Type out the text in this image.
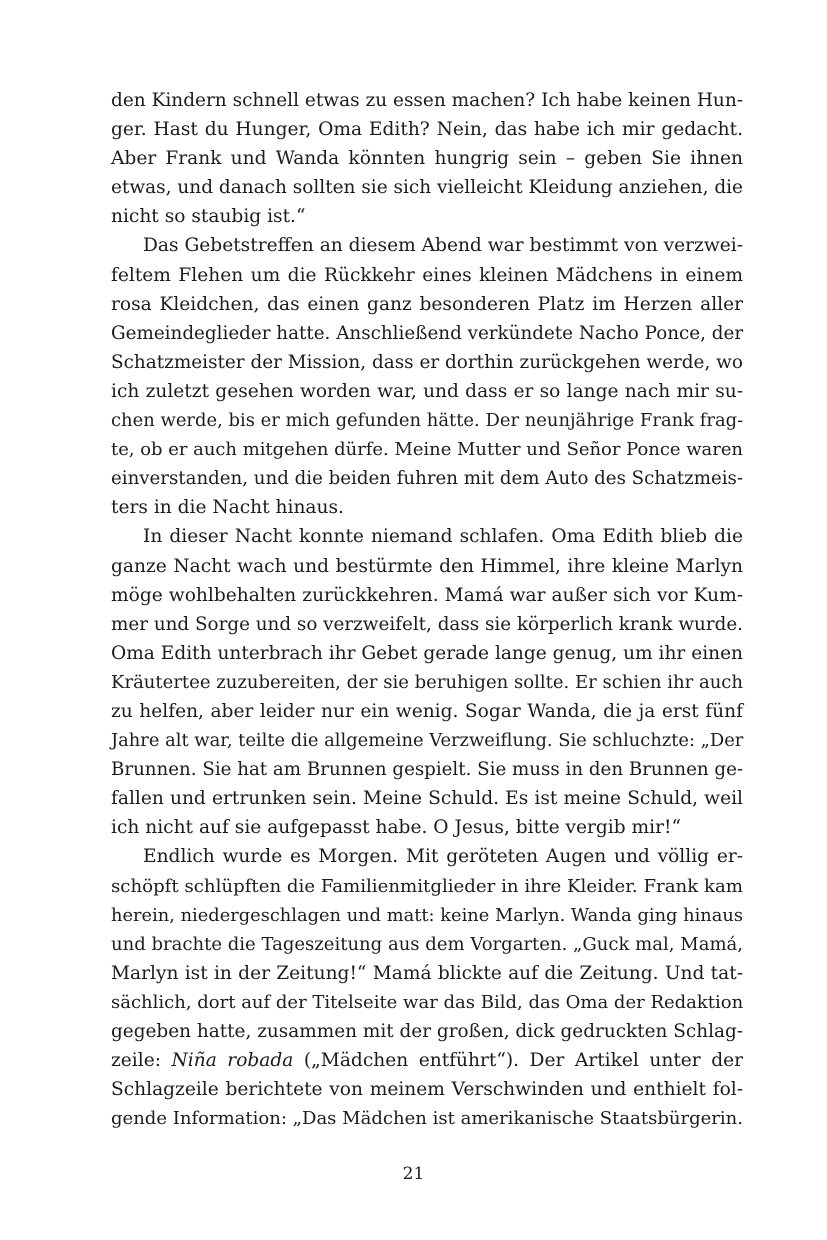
den Kindern schnell etwas zu essen machen? Ich habe keinen Hun-
ger. Hast du Hunger, Oma Edith? Nein, das habe ich mir gedacht.
Aber Frank und Wanda könnten hungrig sein – geben Sie ihnen
etwas, und danach sollten sie sich vielleicht Kleidung anziehen, die
nicht so staubig ist.“
Das Gebetstreffen an diesem Abend war bestimmt von verzwei-
feltem Flehen um die Rückkehr eines kleinen Mädchens in einem
rosa Kleidchen, das einen ganz besonderen Platz im Herzen aller
Gemeindeglieder hatte. Anschließend verkündete Nacho Ponce, der
Schatzmeister der Mission, dass er dorthin zurückgehen werde, wo
ich zuletzt gesehen worden war, und dass er so lange nach mir su-
chen werde, bis er mich gefunden hätte. Der neunjährige Frank frag-
te, ob er auch mitgehen dürfe. Meine Mutter und Señor Ponce waren
einverstanden, und die beiden fuhren mit dem Auto des Schatzmeis-
ters in die Nacht hinaus.
In dieser Nacht konnte niemand schlafen. Oma Edith blieb die
ganze Nacht wach und bestürmte den Himmel, ihre kleine Marlyn
möge wohlbehalten zurückkehren. Mamá war außer sich vor Kum-
mer und Sorge und so verzweifelt, dass sie körperlich krank wurde.
Oma Edith unterbrach ihr Gebet gerade lange genug, um ihr einen
Kräutertee zuzubereiten, der sie beruhigen sollte. Er schien ihr auch
zu helfen, aber leider nur ein wenig. Sogar Wanda, die ja erst fünf
Jahre alt war, teilte die allgemeine Verzweiflung. Sie schluchzte: „Der
Brunnen. Sie hat am Brunnen gespielt. Sie muss in den Brunnen ge-
fallen und ertrunken sein. Meine Schuld. Es ist meine Schuld, weil
ich nicht auf sie aufgepasst habe. O Jesus, bitte vergib mir!“
Endlich wurde es Morgen. Mit geröteten Augen und völlig er-
schöpft schlüpften die Familienmitglieder in ihre Kleider. Frank kam
herein, niedergeschlagen und matt: keine Marlyn. Wanda ging hinaus
und brachte die Tageszeitung aus dem Vorgarten. „Guck mal, Mamá,
Marlyn ist in der Zeitung!“ Mamá blickte auf die Zeitung. Und tat-
sächlich, dort auf der Titelseite war das Bild, das Oma der Redaktion
gegeben hatte, zusammen mit der großen, dick gedruckten Schlag-
zeile: Niña robada („Mädchen entführt“). Der Artikel unter der
Schlagzeile berichtete von meinem Verschwinden und enthielt fol-
gende Information: „Das Mädchen ist amerikanische Staatsbürgerin.
21
